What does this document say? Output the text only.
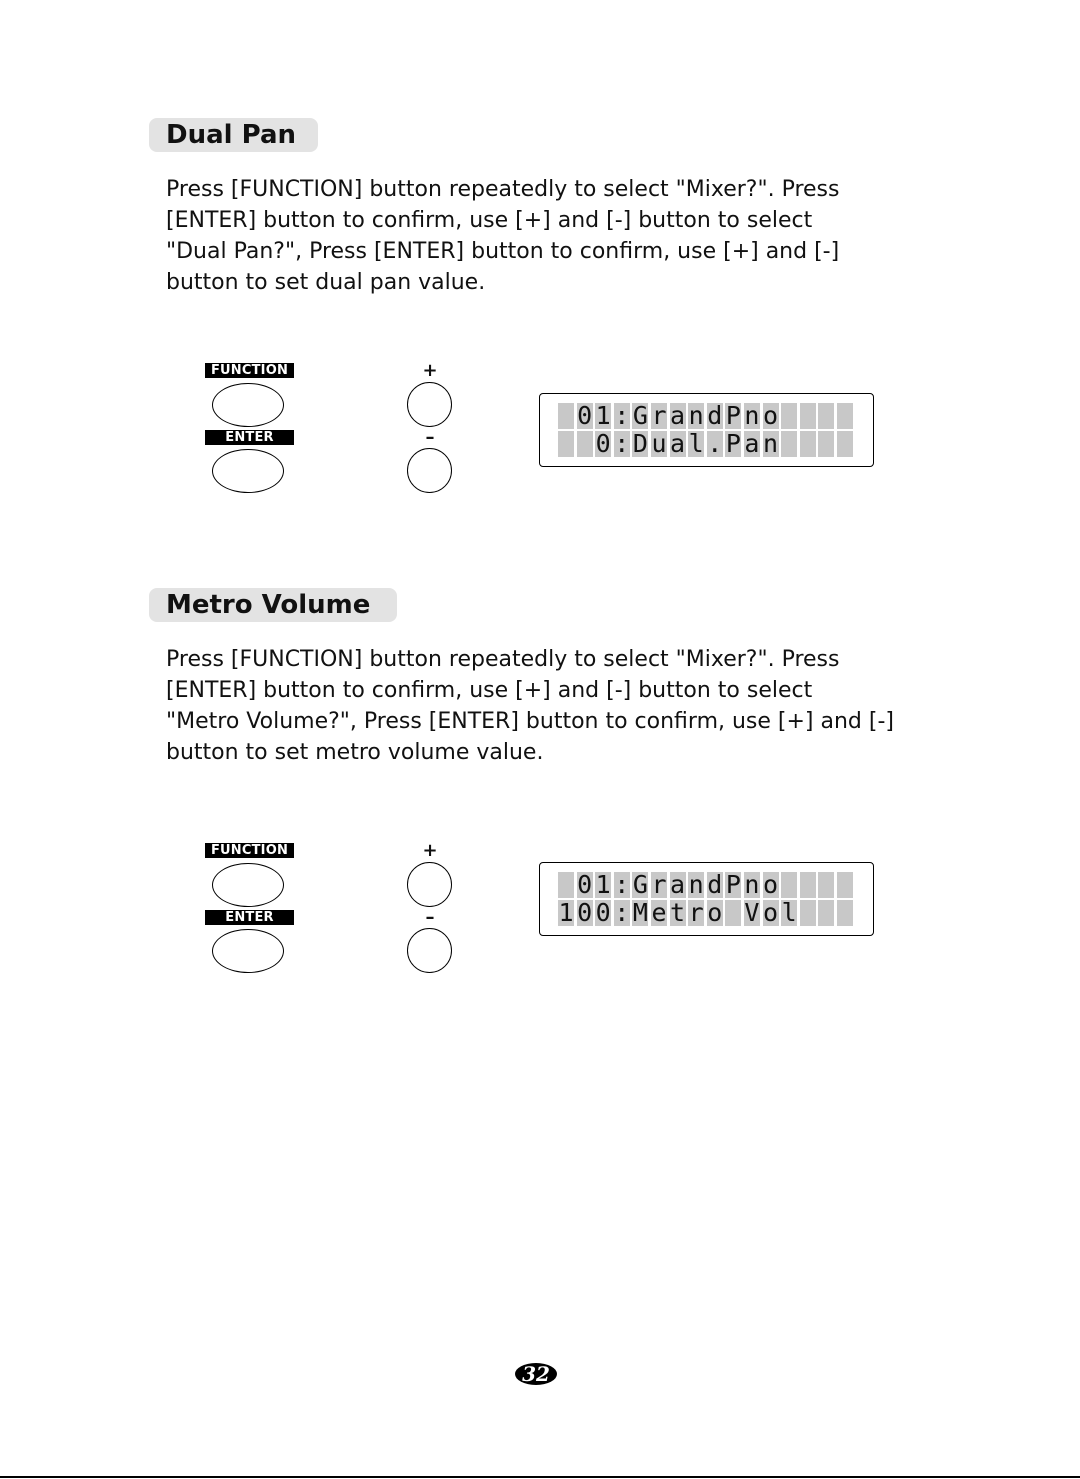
Dual Pan

Press [FUNCTION] button repeatedly to select "Mixer?". Press
[ENTER] button to confirm, use [+] and [-] button to select
"Dual Pan?", Press [ENTER] button to confirm, use [+] and [-]
button to set dual pan value.

FUNCTION
ENTER
+
–
0 1 : G r a n d P n o
0 : D u a l . P a n
Metro Volume

Press [FUNCTION] button repeatedly to select "Mixer?". Press
[ENTER] button to confirm, use [+] and [-] button to select
"Metro Volume?", Press [ENTER] button to confirm, use [+] and [-]
button to set metro volume value.

FUNCTION
ENTER
+
–
0 1 : G r a n d P n o
1 0 0 : M e t r o V o l
32
